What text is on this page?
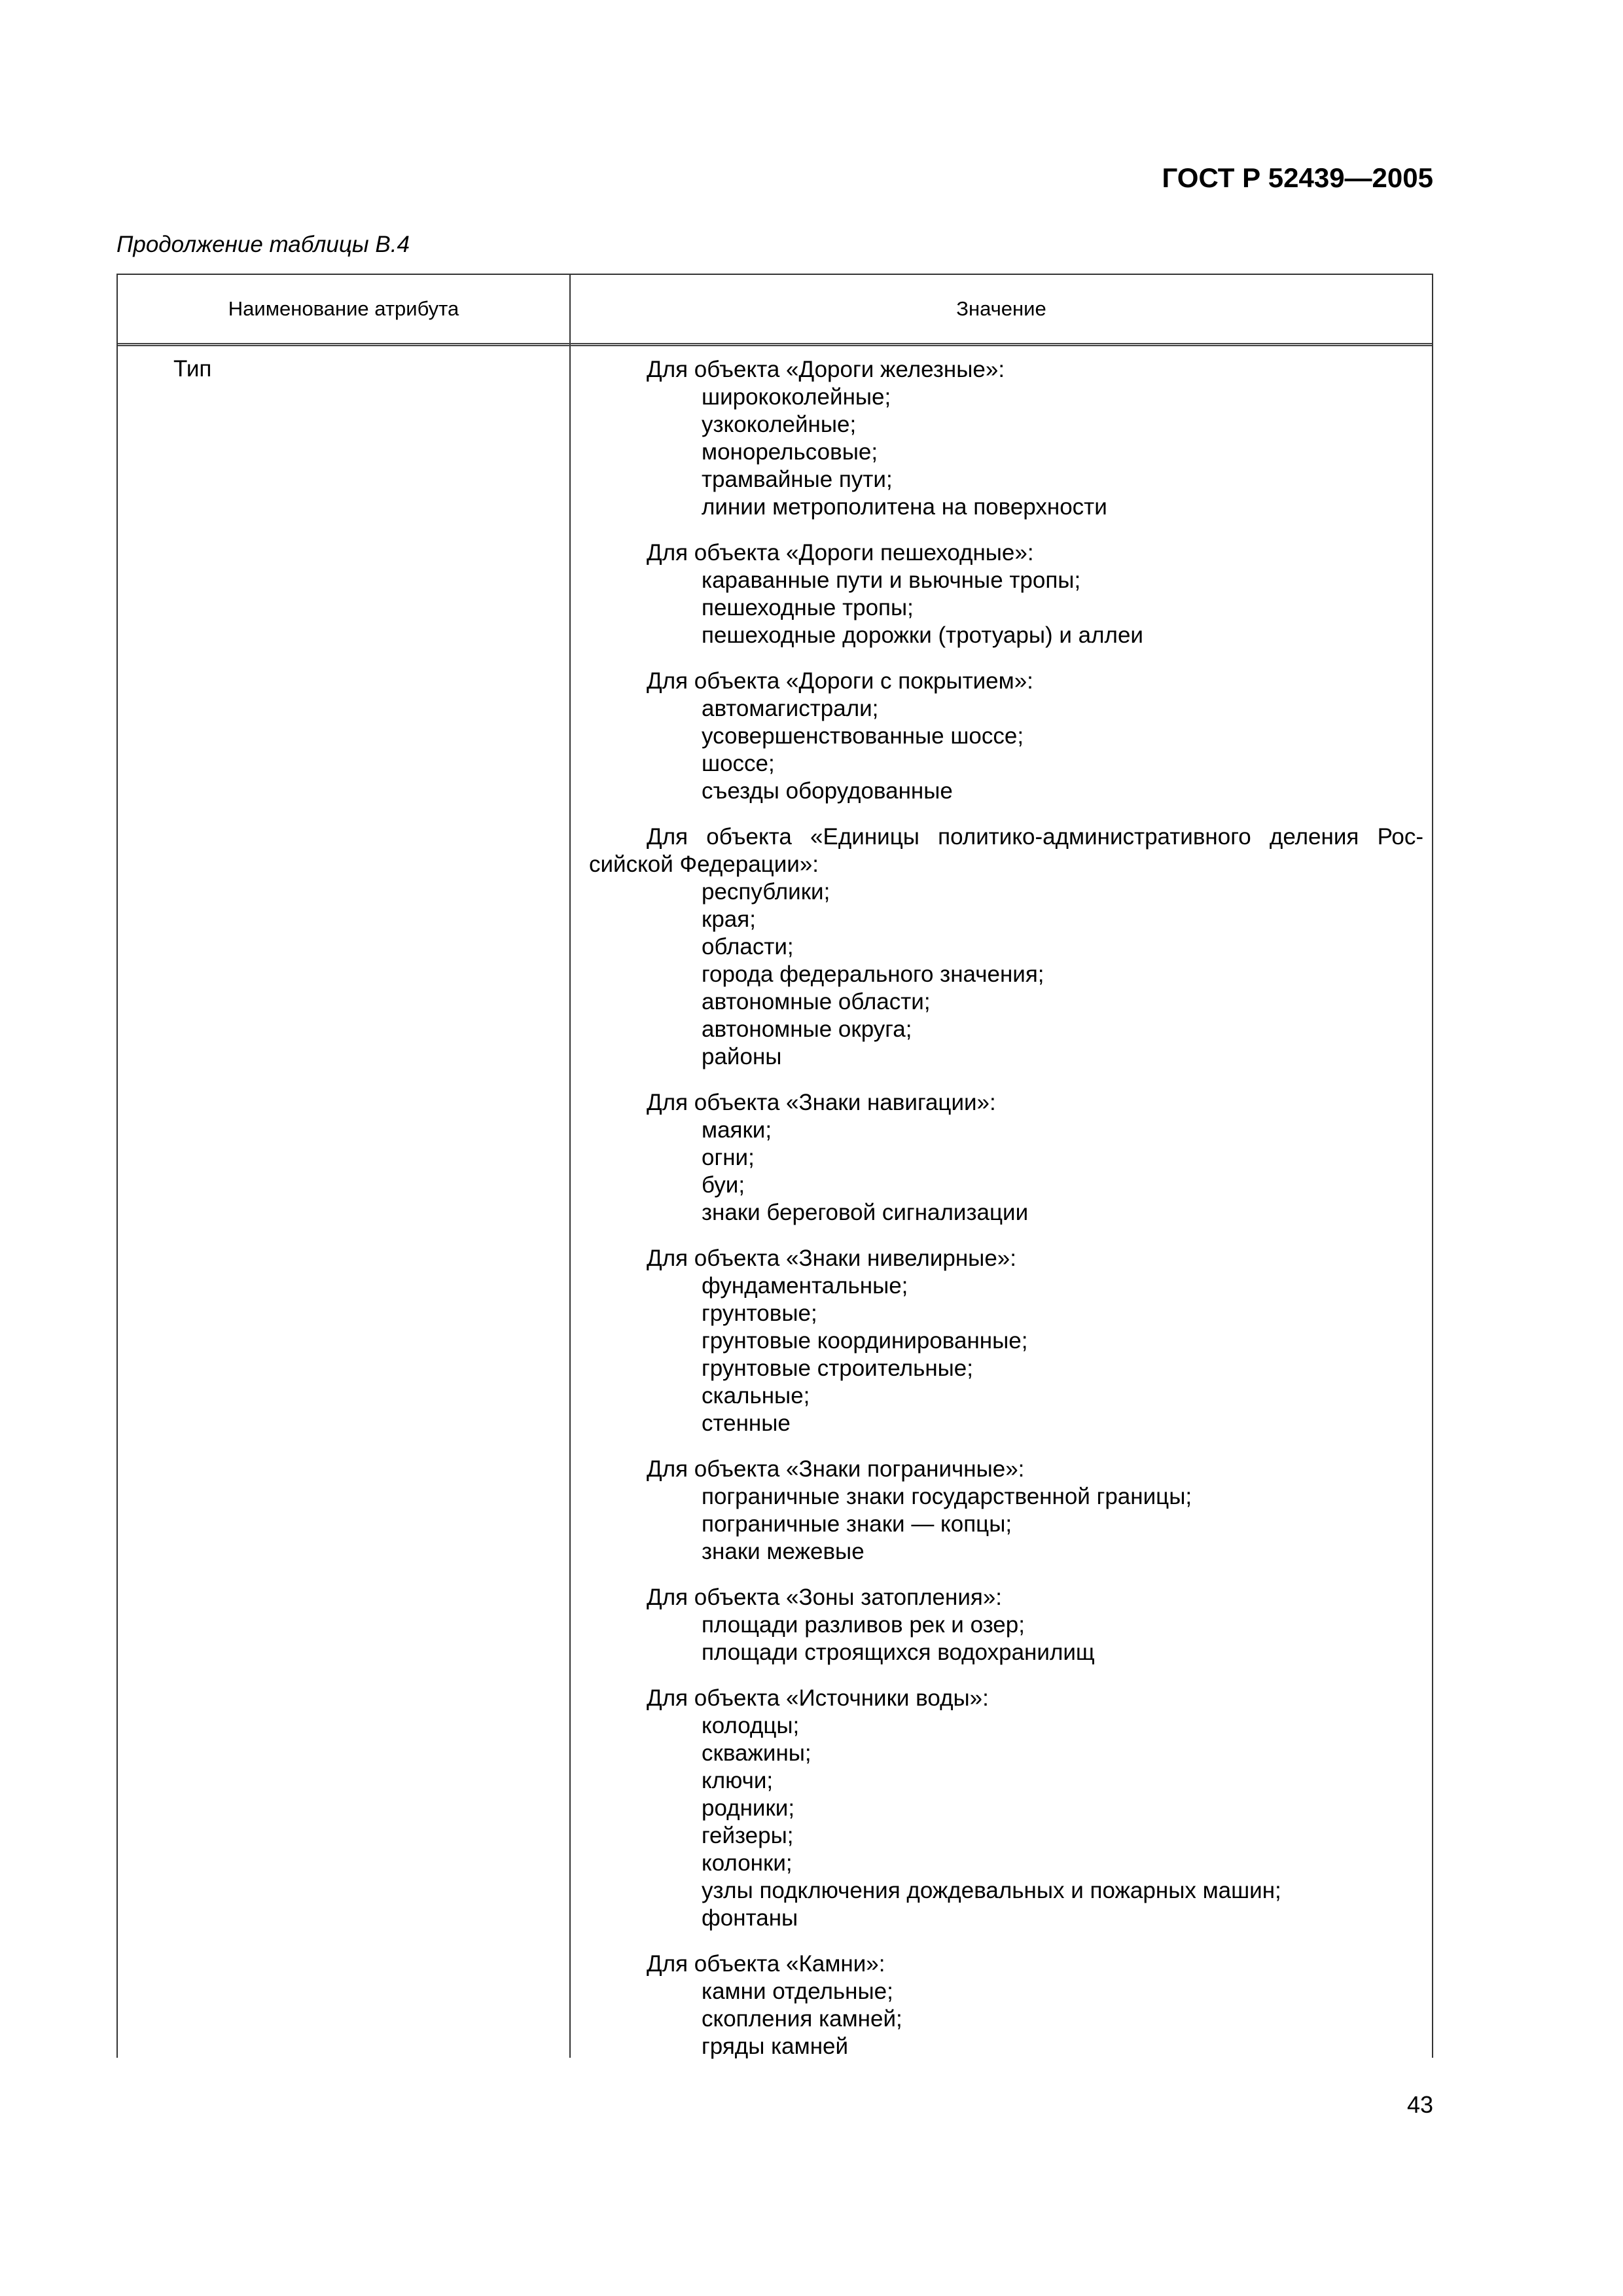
ГОСТ Р 52439—2005
Продолжение таблицы В.4
Наименование атрибута	Значение
Тип	Для объекта «Дороги железные»:
ширококолейные;
узкоколейные;
монорельсовые;
трамвайные пути;
линии метрополитена на поверхности
Для объекта «Дороги пешеходные»:
караванные пути и вьючные тропы;
пешеходные тропы;
пешеходные дорожки (тротуары) и аллеи
Для объекта «Дороги с покрытием»:
автомагистрали;
усовершенствованные шоссе;
шоссе;
съезды оборудованные
Для объекта «Единицы политико-административного деления Рос-сийской Федерации»:
республики;
края;
области;
города федерального значения;
автономные области;
автономные округа;
районы
Для объекта «Знаки навигации»:
маяки;
огни;
буи;
знаки береговой сигнализации
Для объекта «Знаки нивелирные»:
фундаментальные;
грунтовые;
грунтовые координированные;
грунтовые строительные;
скальные;
стенные
Для объекта «Знаки пограничные»:
пограничные знаки государственной границы;
пограничные знаки — копцы;
знаки межевые
Для объекта «Зоны затопления»:
площади разливов рек и озер;
площади строящихся водохранилищ
Для объекта «Источники воды»:
колодцы;
скважины;
ключи;
родники;
гейзеры;
колонки;
узлы подключения дождевальных и пожарных машин;
фонтаны
Для объекта «Камни»:
камни отдельные;
скопления камней;
гряды камней
43
